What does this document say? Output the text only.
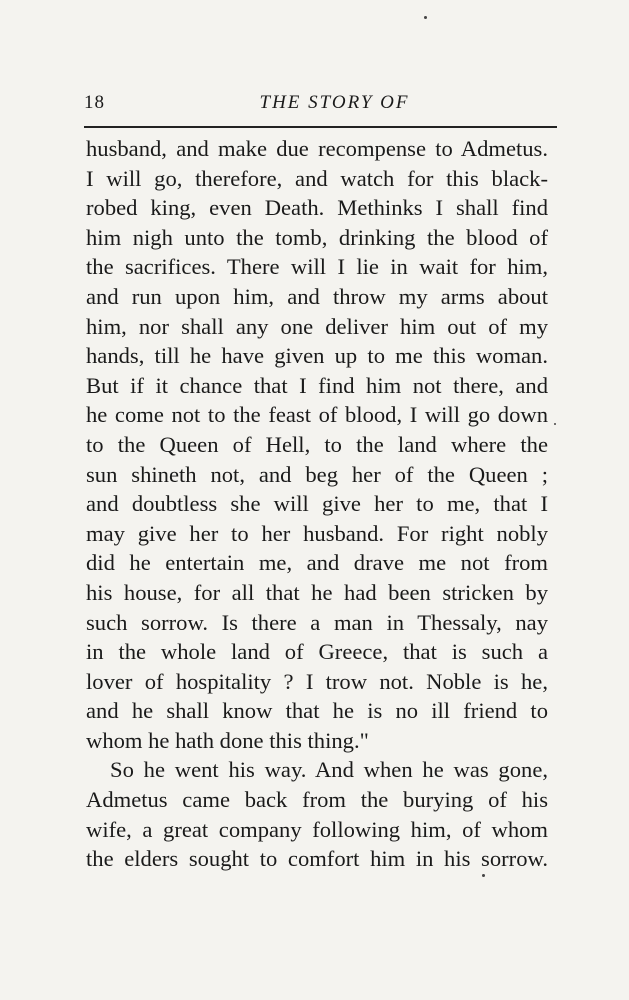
18	THE STORY OF
husband, and make due recompense to Admetus.
I will go, therefore, and watch for this black-
robed king, even Death. Methinks I shall find
him nigh unto the tomb, drinking the blood of
the sacrifices. There will I lie in wait for him,
and run upon him, and throw my arms about
him, nor shall any one deliver him out of my
hands, till he have given up to me this woman.
But if it chance that I find him not there, and
he come not to the feast of blood, I will go down
to the Queen of Hell, to the land where the
sun shineth not, and beg her of the Queen ;
and doubtless she will give her to me, that I
may give her to her husband. For right nobly
did he entertain me, and drave me not from
his house, for all that he had been stricken by
such sorrow. Is there a man in Thessaly, nay
in the whole land of Greece, that is such a
lover of hospitality ? I trow not. Noble is he,
and he shall know that he is no ill friend to
whom he hath done this thing."
So he went his way. And when he was gone,
Admetus came back from the burying of his
wife, a great company following him, of whom
the elders sought to comfort him in his sorrow.
